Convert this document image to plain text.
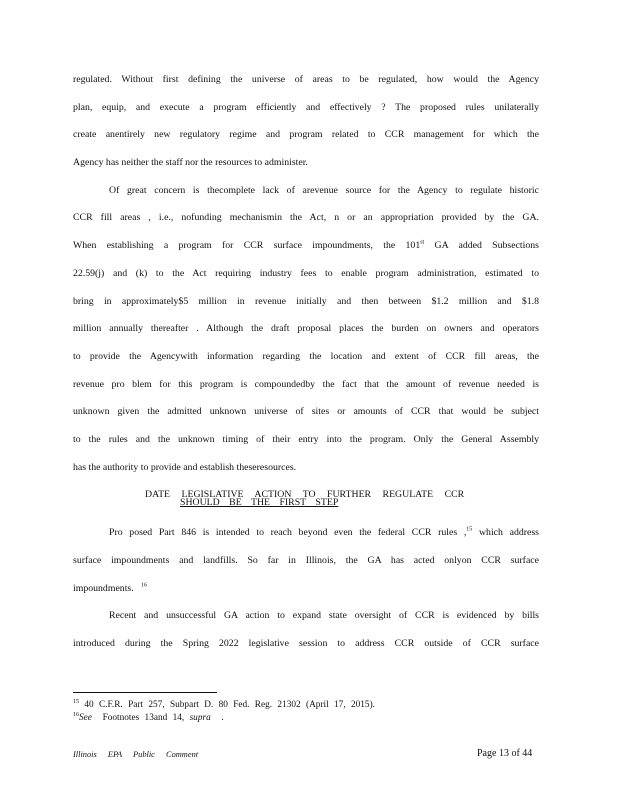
regulated. Without first defining the universe of areas to be regulated, how would the Agency
plan, equip, and execute a program efficiently and effectively ? The proposed rules unilaterally
create anentirely new regulatory regime and program related to CCR management for which the
Agency has neither the staff nor the resources to administer.
Of great concern is thecomplete lack of arevenue source for the Agency to regulate historic
CCR fill areas , i.e., nofunding mechanismin the Act, n or an appropriation provided by the GA.
When establishing a program for CCR surface impoundments, the 101st GA added Subsections
22.59(j) and (k) to the Act requiring industry fees to enable program administration, estimated to
bring in approximately$5 million in revenue initially and then between $1.2 million and $1.8
million annually thereafter . Although the draft proposal places the burden on owners and operators
to provide the Agencywith information regarding the location and extent of CCR fill areas, the
revenue pro blem for this program is compoundedby the fact that the amount of revenue needed is
unknown given the admitted unknown universe of sites or amounts of CCR that would be subject
to the rules and the unknown timing of their entry into the program. Only the General Assembly
has the authority to provide and establish theseresources.
DATE LEGISLATIVE ACTION TO FURTHER REGULATE CCR
SHOULD BE THE FIRST STEP
Pro posed Part 846 is intended to reach beyond even the federal CCR rules ,$^{15}$ which address
surface impoundments and landfills. So far in Illinois, the GA has acted onlyon CCR surface
impoundments. $^{16}$
Recent and unsuccessful GA action to expand state oversight of CCR is evidenced by bills
introduced during the Spring 2022 legislative session to address CCR outside of CCR surface
$^{15}$ 40 C.F.R. Part 257, Subpart D. 80 Fed. Reg. 21302 (April 17, 2015).
$^{16}$See Footnotes 13and 14, supra .
Illinois EPA Public Comment	Page 13 of 44
